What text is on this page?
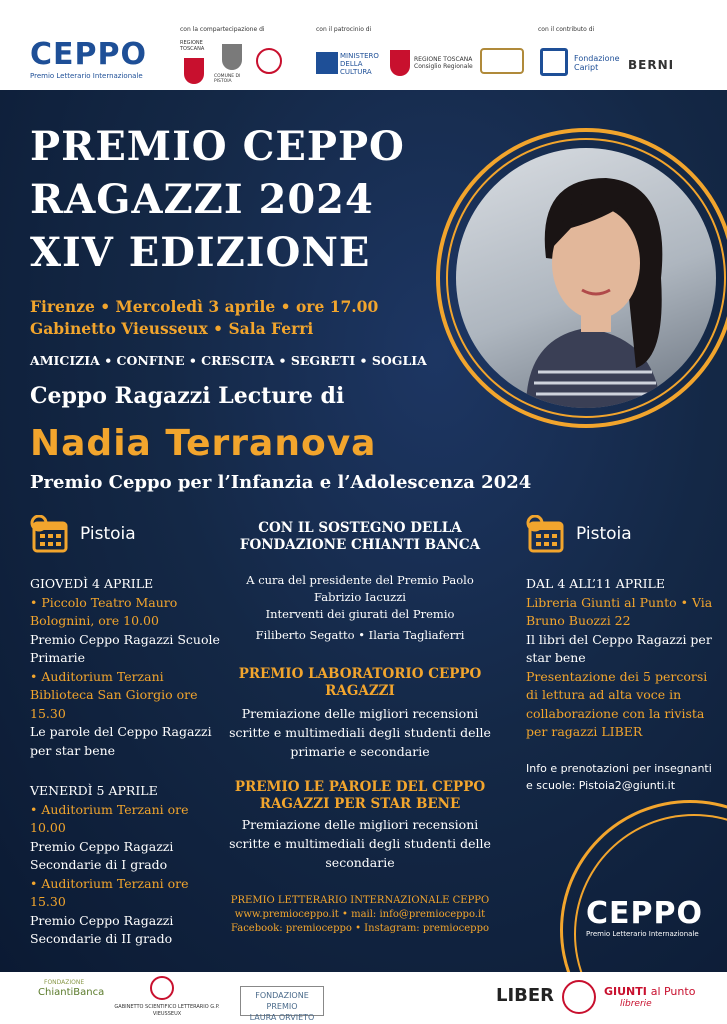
CEPPO
Premio Letterario Internazionale
con la compartecipazione di	con il patrocinio di	con il contributo di
REGIONE TOSCANA
COMUNE DI PISTOIA
MINISTERO DELLA CULTURA
REGIONE TOSCANA Consiglio Regionale
Fondazione Caript	BERNI
PREMIO CEPPO
RAGAZZI 2024
XIV EDIZIONE
Firenze • Mercoledì 3 aprile • ore 17.00
Gabinetto Vieusseux • Sala Ferri
AMICIZIA • CONFINE • CRESCITA • SEGRETI • SOGLIA
Ceppo Ragazzi Lecture di
Nadia Terranova
Premio Ceppo per l’Infanzia e l’Adolescenza 2024
Pistoia
GIOVEDÌ 4 APRILE
• Piccolo Teatro Mauro Bolognini, ore 10.00
Premio Ceppo Ragazzi Scuole Primarie
• Auditorium Terzani Biblioteca San Giorgio ore 15.30
Le parole del Ceppo Ragazzi per star bene
VENERDÌ 5 APRILE
• Auditorium Terzani ore 10.00
Premio Ceppo Ragazzi Secondarie di I grado
• Auditorium Terzani ore 15.30
Premio Ceppo Ragazzi Secondarie di II grado
CON IL SOSTEGNO DELLA FONDAZIONE CHIANTI BANCA
A cura del presidente del Premio Paolo Fabrizio Iacuzzi
Interventi dei giurati del Premio
Filiberto Segatto • Ilaria Tagliaferri
PREMIO LABORATORIO CEPPO RAGAZZI
Premiazione delle migliori recensioni scritte e multimediali degli studenti delle primarie e secondarie
PREMIO LE PAROLE DEL CEPPO RAGAZZI PER STAR BENE
Premiazione delle migliori recensioni scritte e multimediali degli studenti delle secondarie
PREMIO LETTERARIO INTERNAZIONALE CEPPO
www.premioceppo.it • mail: info@premioceppo.it
Facebook: premioceppo • Instagram: premioceppo
Pistoia
DAL 4 ALL’11 APRILE
Libreria Giunti al Punto • Via Bruno Buozzi 22
Il libri del Ceppo Ragazzi per star bene
Presentazione dei 5 percorsi di lettura ad alta voce in collaborazione con la rivista per ragazzi LIBER
Info e prenotazioni per insegnanti e scuole: Pistoia2@giunti.it
CEPPO
Premio Letterario Internazionale
FONDAZIONE
ChiantiBanca
GABINETTO SCIENTIFICO LETTERARIO G.P. VIEUSSEUX
FONDAZIONE PREMIO
LAURA ORVIETO
LIBER	GIUNTI al Punto
librerie
